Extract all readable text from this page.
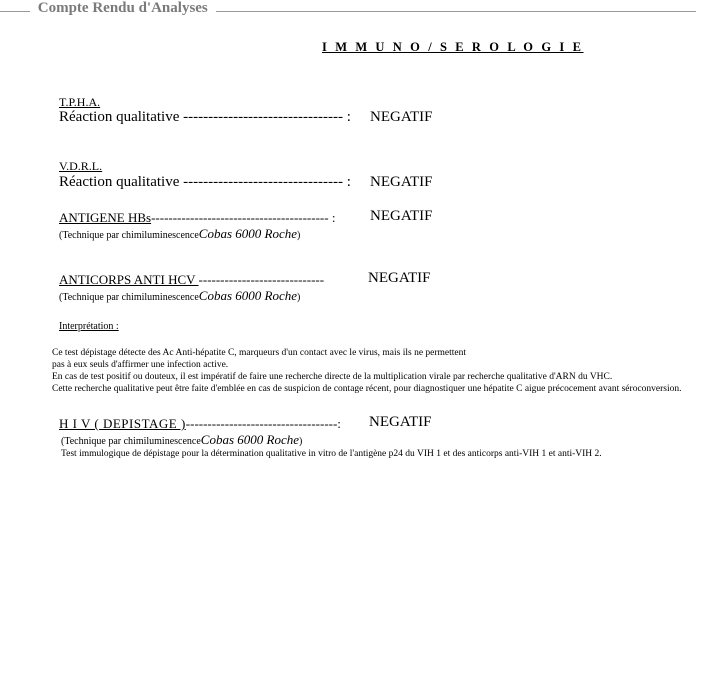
Compte Rendu d'Analyses
I M M U N O / S E R O L O G I E
T.P.H.A.
Réaction qualitative -------------------------------- : NEGATIF
V.D.R.L.
Réaction qualitative -------------------------------- : NEGATIF
ANTIGENE HBs----------------------------------------- : NEGATIF
(Technique par chimiluminescenceCobas 6000 Roche)
ANTICORPS ANTI HCV -----------------------------	NEGATIF
(Technique par chimiluminescenceCobas 6000 Roche)
Interprétation :
Ce test dépistage détecte des Ac Anti-hépatite C, marqueurs d'un contact avec le virus, mais ils ne permettent
pas à eux seuls d'affirmer une infection active.
En cas de test positif ou douteux, il est impératif de faire une recherche directe de la multiplication virale par recherche qualitative d'ARN du VHC.
Cette recherche qualitative peut être faite d'emblée en cas de suspicion de contage récent, pour diagnostiquer une hépatite C aigue précocement avant séroconversion.
H I V ( DEPISTAGE )-----------------------------------: NEGATIF
(Technique par chimiluminescenceCobas 6000 Roche)
Test immulogique de dépistage pour la détermination qualitative in vitro de l'antigène p24 du VIH 1 et des anticorps anti-VIH 1 et anti-VIH 2.
